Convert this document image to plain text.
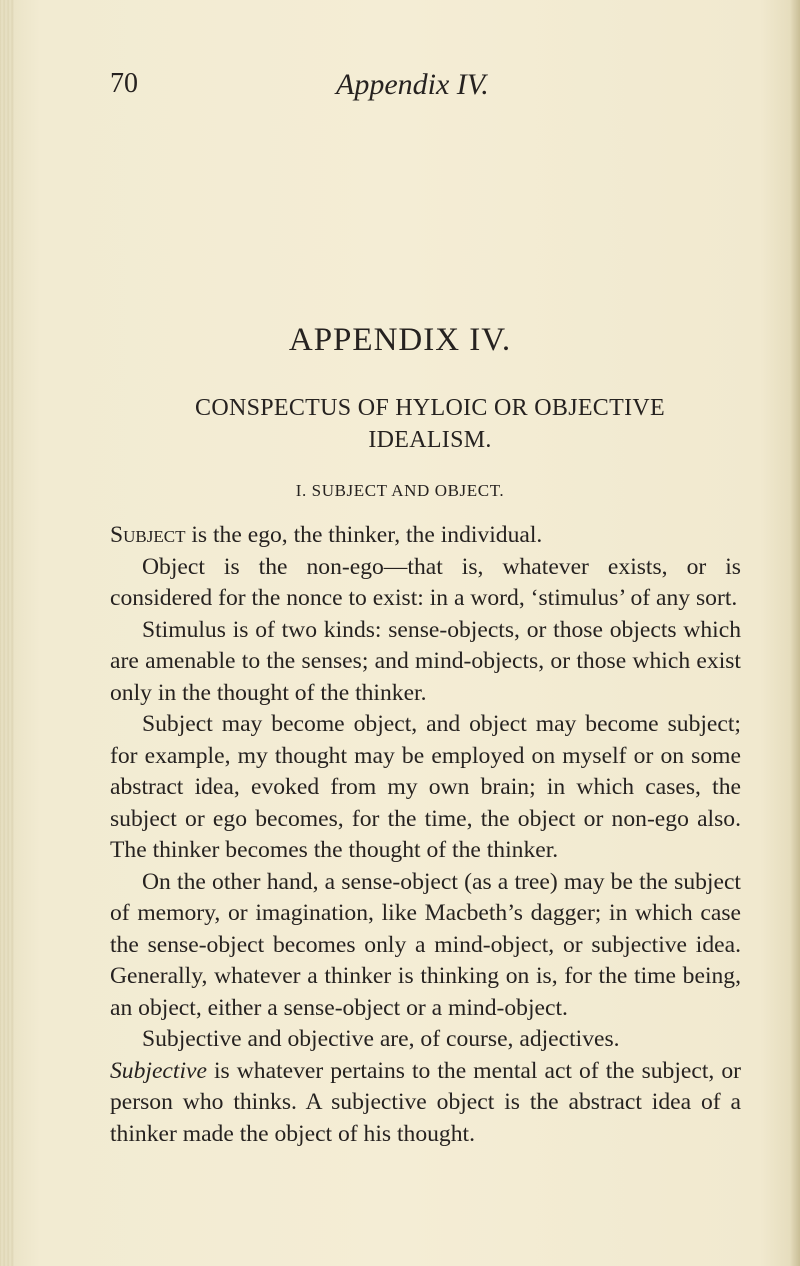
70	Appendix IV.
APPENDIX IV.
CONSPECTUS OF HYLOIC OR OBJECTIVE
IDEALISM.
I. SUBJECT AND OBJECT.

Subject is the ego, the thinker, the individual.

Object is the non-ego—that is, whatever exists, or is considered for the nonce to exist: in a word, ‘stimulus’ of any sort.

Stimulus is of two kinds: sense-objects, or those objects which are amenable to the senses; and mind-objects, or those which exist only in the thought of the thinker.

Subject may become object, and object may become subject; for example, my thought may be employed on myself or on some abstract idea, evoked from my own brain; in which cases, the subject or ego becomes, for the time, the object or non-ego also. The thinker becomes the thought of the thinker.

On the other hand, a sense-object (as a tree) may be the subject of memory, or imagination, like Macbeth’s dagger; in which case the sense-object becomes only a mind-object, or subjective idea. Generally, whatever a thinker is thinking on is, for the time being, an object, either a sense-object or a mind-object.

Subjective and objective are, of course, adjectives.

Subjective is whatever pertains to the mental act of the subject, or person who thinks. A subjective object is the abstract idea of a thinker made the object of his thought.
